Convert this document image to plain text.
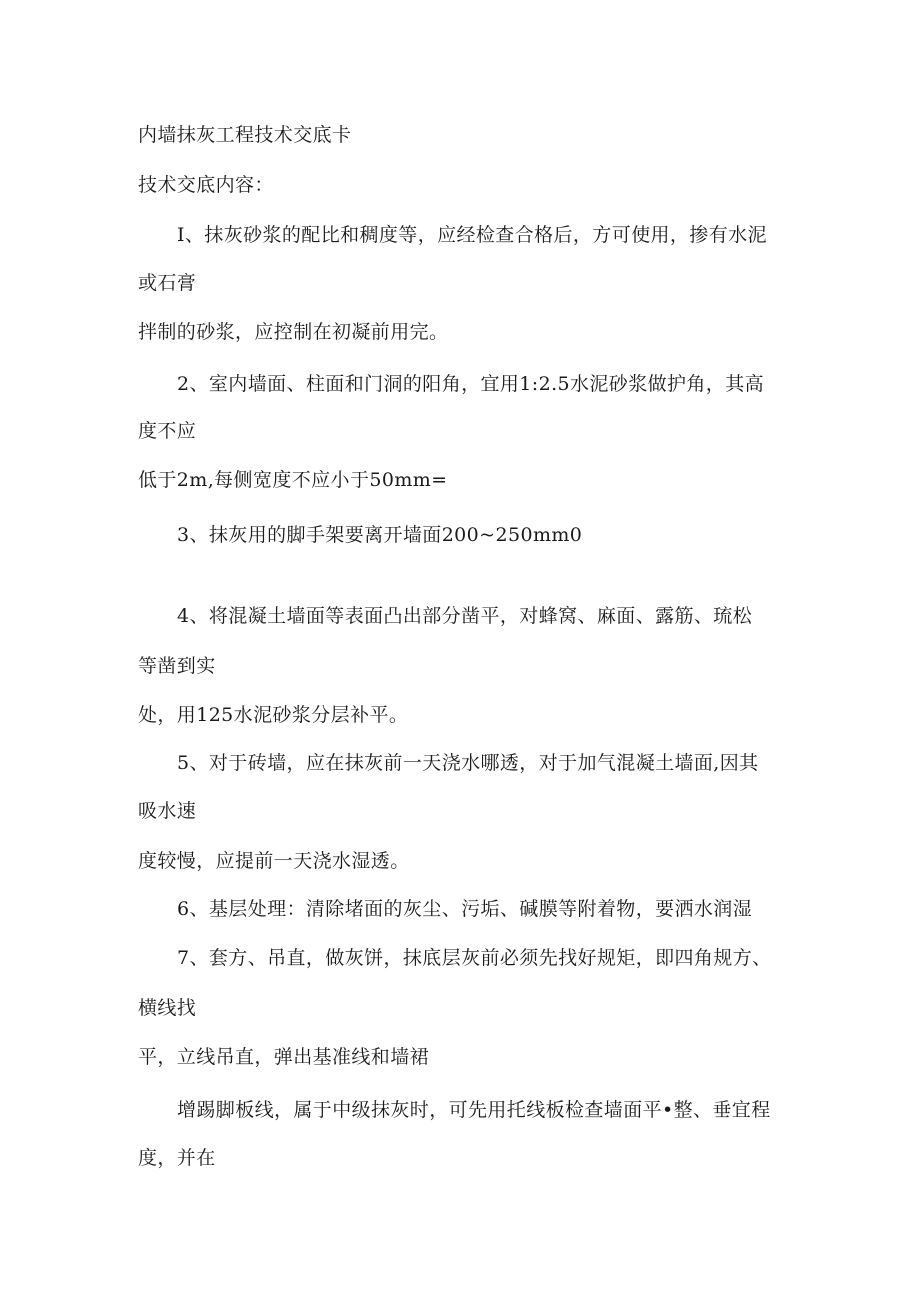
内墙抹灰工程技术交底卡
技术交底内容：
I、抹灰砂浆的配比和稠度等，应经检查合格后，方可使用，掺有水泥
或石膏
拌制的砂浆，应控制在初凝前用完。
2、室内墙面、柱面和门洞的阳角，宜用1:2.5水泥砂浆做护角，其高
度不应
低于2m,每侧宽度不应小于50mm=
3、抹灰用的脚手架要离开墙面200~250mm0
4、将混凝土墙面等表面凸出部分凿平，对蜂窝、麻面、露筋、琉松
等凿到实
处，用125水泥砂浆分层补平。
5、对于砖墙，应在抹灰前一天浇水哪透，对于加气混凝土墙面,因其
吸水速
度较慢，应提前一天浇水湿透。
6、基层处理：清除堵面的灰尘、污垢、碱膜等附着物，要洒水润湿
7、套方、吊直，做灰饼，抹底层灰前必须先找好规矩，即四角规方、
横线找
平，立线吊直，弹出基准线和墙裙
增踢脚板线，属于中级抹灰时，可先用托线板检查墙面平•整、垂宜程
度，并在
